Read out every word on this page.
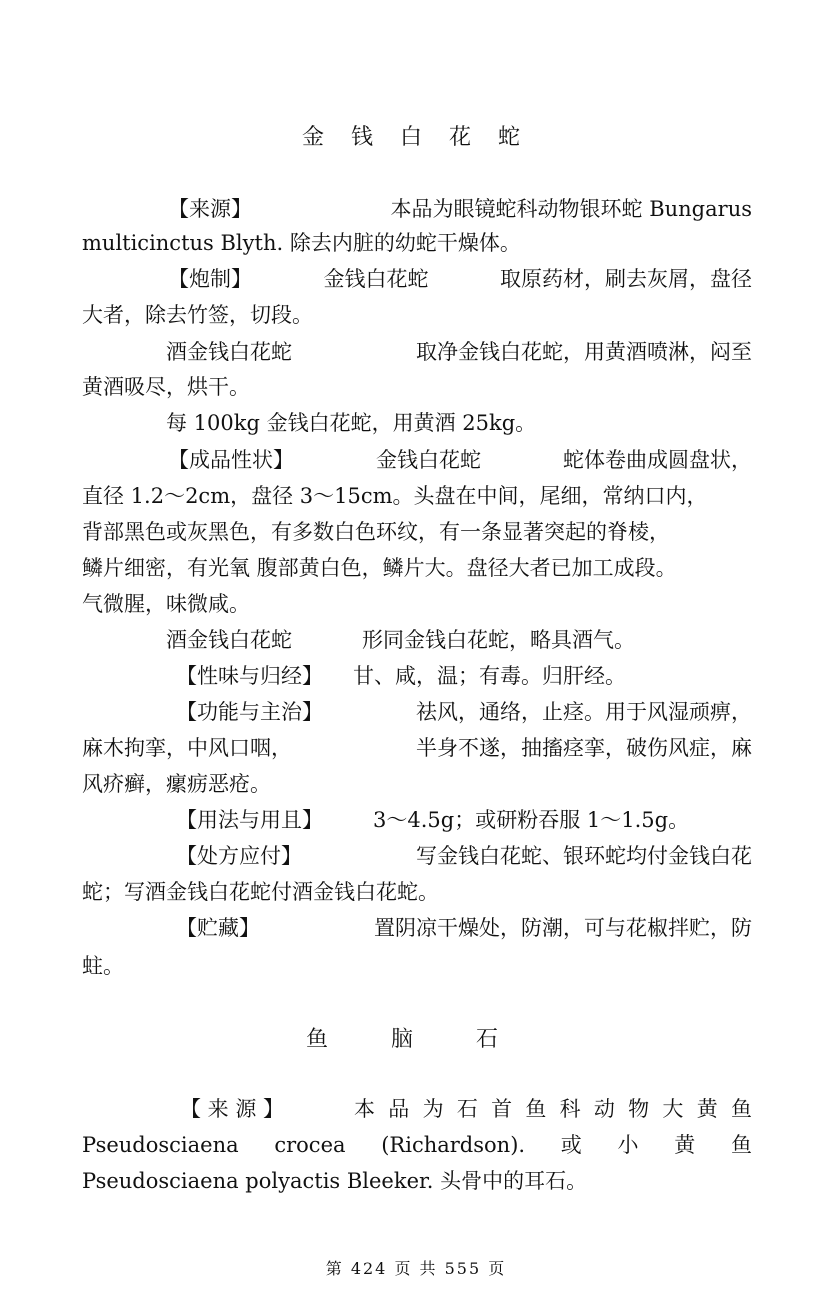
金 钱 白 花 蛇
【来源】	本品为眼镜蛇科动物银环蛇 Bungarus
multicinctus Blyth. 除去内脏的幼蛇干燥体。
【炮制】	金钱白花蛇	取原药材，刷去灰屑，盘径
大者，除去竹签，切段。
酒金钱白花蛇	取净金钱白花蛇，用黄酒喷淋，闷至
黄酒吸尽，烘干。
每 100kg 金钱白花蛇，用黄酒 25kg。
【成品性状】	金钱白花蛇	蛇体卷曲成圆盘状，
直径 1.2～2cm，盘径 3～15cm。头盘在中间，尾细，常纳口内，
背部黑色或灰黑色，有多数白色环纹，有一条显著突起的脊棱，
鳞片细密，有光氧 腹部黄白色，鳞片大。盘径大者已加工成段。
气微腥，味微咸。
酒金钱白花蛇	形同金钱白花蛇，略具酒气。
【性味与归经】 甘、咸，温；有毒。归肝经。
【功能与主治】	祛风，通络，止痉。用于风湿顽痹，
麻木拘挛，中风口咽，	半身不遂，抽搐痉挛，破伤风症，麻
风疥癣，瘰疬恶疮。
【用法与用且】 3～4.5g；或研粉吞服 1～1.5g。
【处方应付】	写金钱白花蛇、银环蛇均付金钱白花
蛇；写酒金钱白花蛇付酒金钱白花蛇。
【贮藏】	置阴凉干燥处，防潮，可与花椒拌贮，防
蛀。
鱼 脑 石
【 来 源 】	本 品 为 石 首 鱼 科 动 物 大 黄 鱼
Pseudosciaena crocea (Richardson). 或 小 黄 鱼
Pseudosciaena polyactis Bleeker. 头骨中的耳石。
第 424 页 共 555 页
